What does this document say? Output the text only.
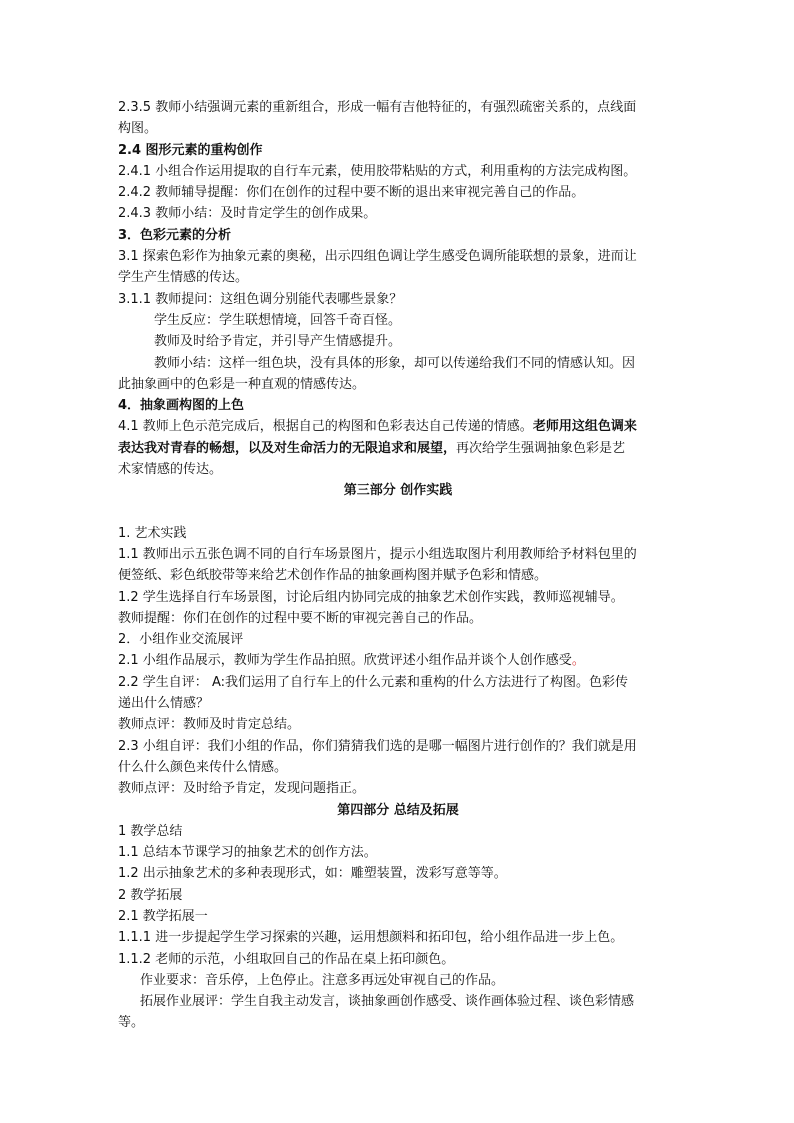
2.3.5 教师小结强调元素的重新组合，形成一幅有吉他特征的，有强烈疏密关系的，点线面
构图。
2.4 图形元素的重构创作
2.4.1 小组合作运用提取的自行车元素，使用胶带粘贴的方式，利用重构的方法完成构图。
2.4.2 教师辅导提醒：你们在创作的过程中要不断的退出来审视完善自己的作品。
2.4.3 教师小结：及时肯定学生的创作成果。
3．色彩元素的分析
3.1 探索色彩作为抽象元素的奥秘，出示四组色调让学生感受色调所能联想的景象，进而让
学生产生情感的传达。
3.1.1 教师提问：这组色调分别能代表哪些景象？
学生反应：学生联想情境，回答千奇百怪。
教师及时给予肯定，并引导产生情感提升。
教师小结：这样一组色块，没有具体的形象，却可以传递给我们不同的情感认知。因
此抽象画中的色彩是一种直观的情感传达。
4．抽象画构图的上色
4.1 教师上色示范完成后，根据自己的构图和色彩表达自己传递的情感。老师用这组色调来
表达我对青春的畅想，以及对生命活力的无限追求和展望，再次给学生强调抽象色彩是艺
术家情感的传达。
第三部分 创作实践
1. 艺术实践
1.1 教师出示五张色调不同的自行车场景图片，提示小组选取图片利用教师给予材料包里的
便签纸、彩色纸胶带等来给艺术创作作品的抽象画构图并赋予色彩和情感。
1.2 学生选择自行车场景图，讨论后组内协同完成的抽象艺术创作实践，教师巡视辅导。
教师提醒：你们在创作的过程中要不断的审视完善自己的作品。
2．小组作业交流展评
2.1 小组作品展示，教师为学生作品拍照。欣赏评述小组作品并谈个人创作感受。
2.2 学生自评： A:我们运用了自行车上的什么元素和重构的什么方法进行了构图。色彩传
递出什么情感？
教师点评：教师及时肯定总结。
2.3 小组自评：我们小组的作品，你们猜猜我们选的是哪一幅图片进行创作的？我们就是用
什么什么颜色来传什么情感。
教师点评：及时给予肯定，发现问题指正。
第四部分 总结及拓展
1 教学总结
1.1 总结本节课学习的抽象艺术的创作方法。
1.2 出示抽象艺术的多种表现形式，如：雕塑装置，泼彩写意等等。
2 教学拓展
2.1 教学拓展一
1.1.1 进一步提起学生学习探索的兴趣，运用想颜料和拓印包，给小组作品进一步上色。
1.1.2 老师的示范，小组取回自己的作品在桌上拓印颜色。
作业要求：音乐停，上色停止。注意多再远处审视自己的作品。
拓展作业展评：学生自我主动发言，谈抽象画创作感受、谈作画体验过程、谈色彩情感
等。
